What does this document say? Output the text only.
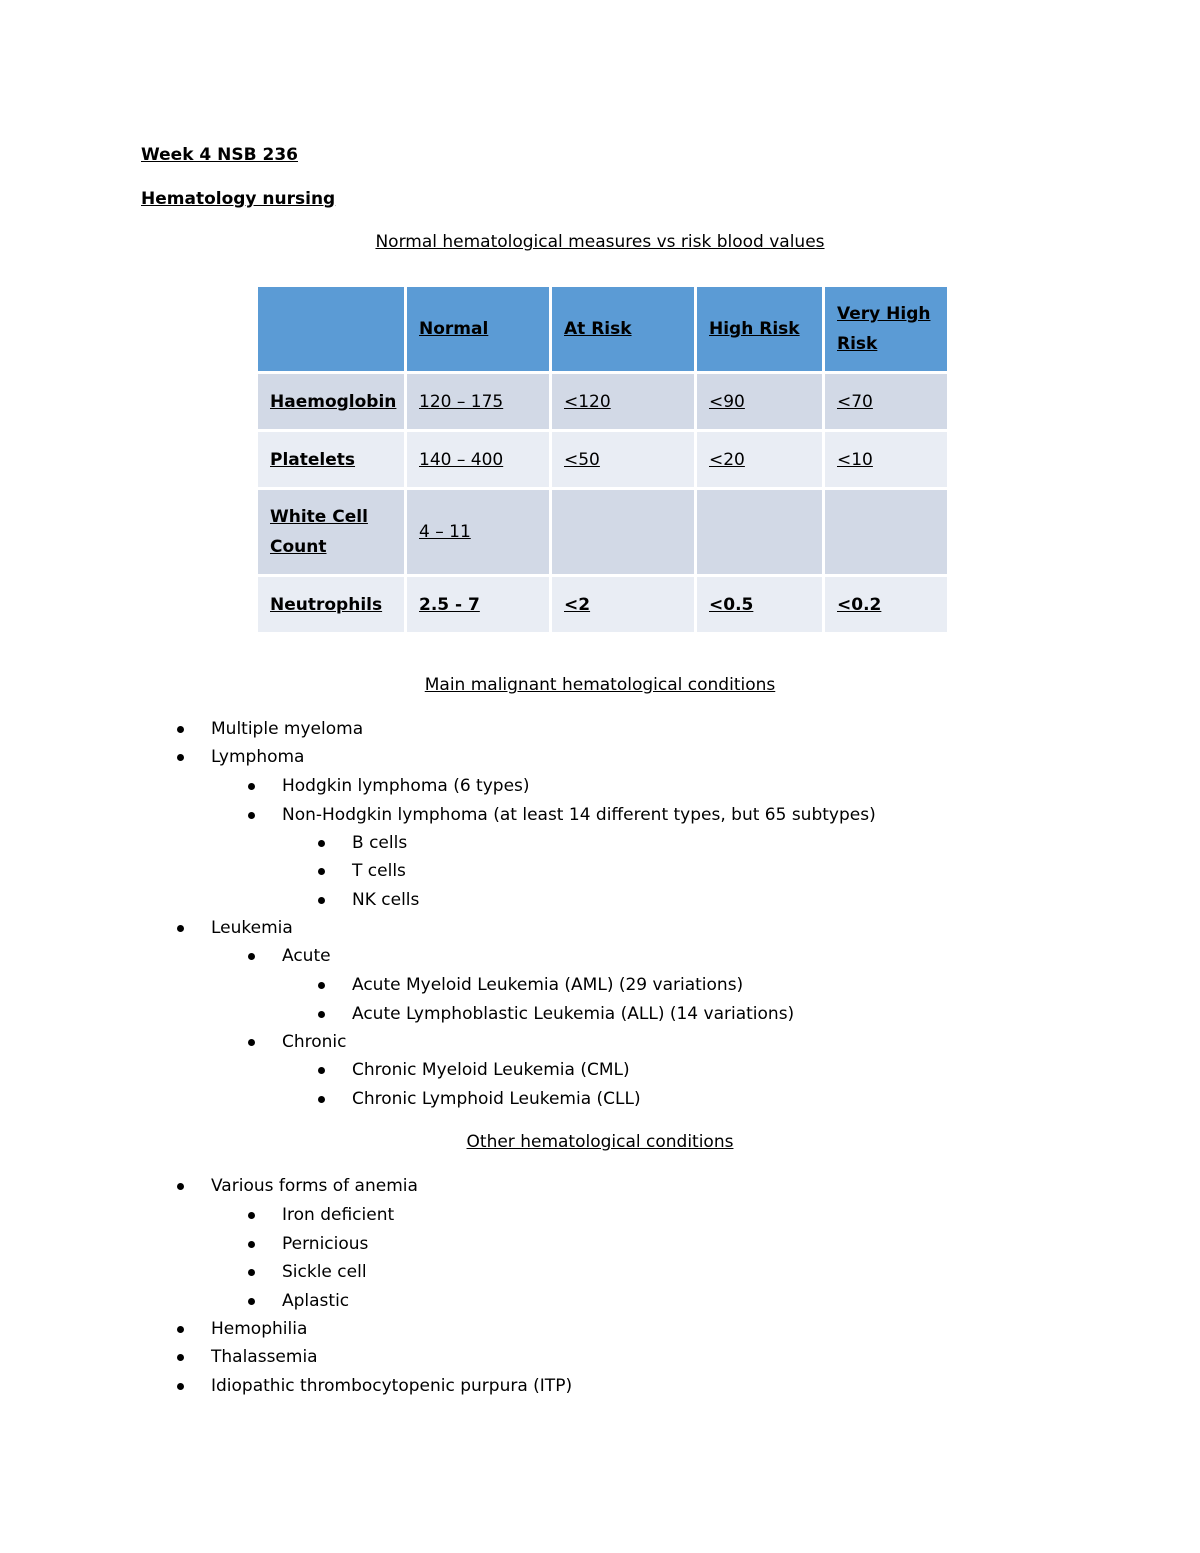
Week 4 NSB 236
Hematology nursing
Normal hematological measures vs risk blood values
	Normal	At Risk	High Risk	Very High Risk
Haemoglobin	120 – 175	<120	<90	<70
Platelets	140 – 400	<50	<20	<10
White Cell Count	4 – 11			
Neutrophils	2.5 - 7	<2	<0.5	<0.2
Main malignant hematological conditions
Multiple myeloma
Lymphoma
Hodgkin lymphoma (6 types)
Non-Hodgkin lymphoma (at least 14 different types, but 65 subtypes)
B cells
T cells
NK cells
Leukemia
Acute
Acute Myeloid Leukemia (AML) (29 variations)
Acute Lymphoblastic Leukemia (ALL) (14 variations)
Chronic
Chronic Myeloid Leukemia (CML)
Chronic Lymphoid Leukemia (CLL)
Other hematological conditions
Various forms of anemia
Iron deficient
Pernicious
Sickle cell
Aplastic
Hemophilia
Thalassemia
Idiopathic thrombocytopenic purpura (ITP)
